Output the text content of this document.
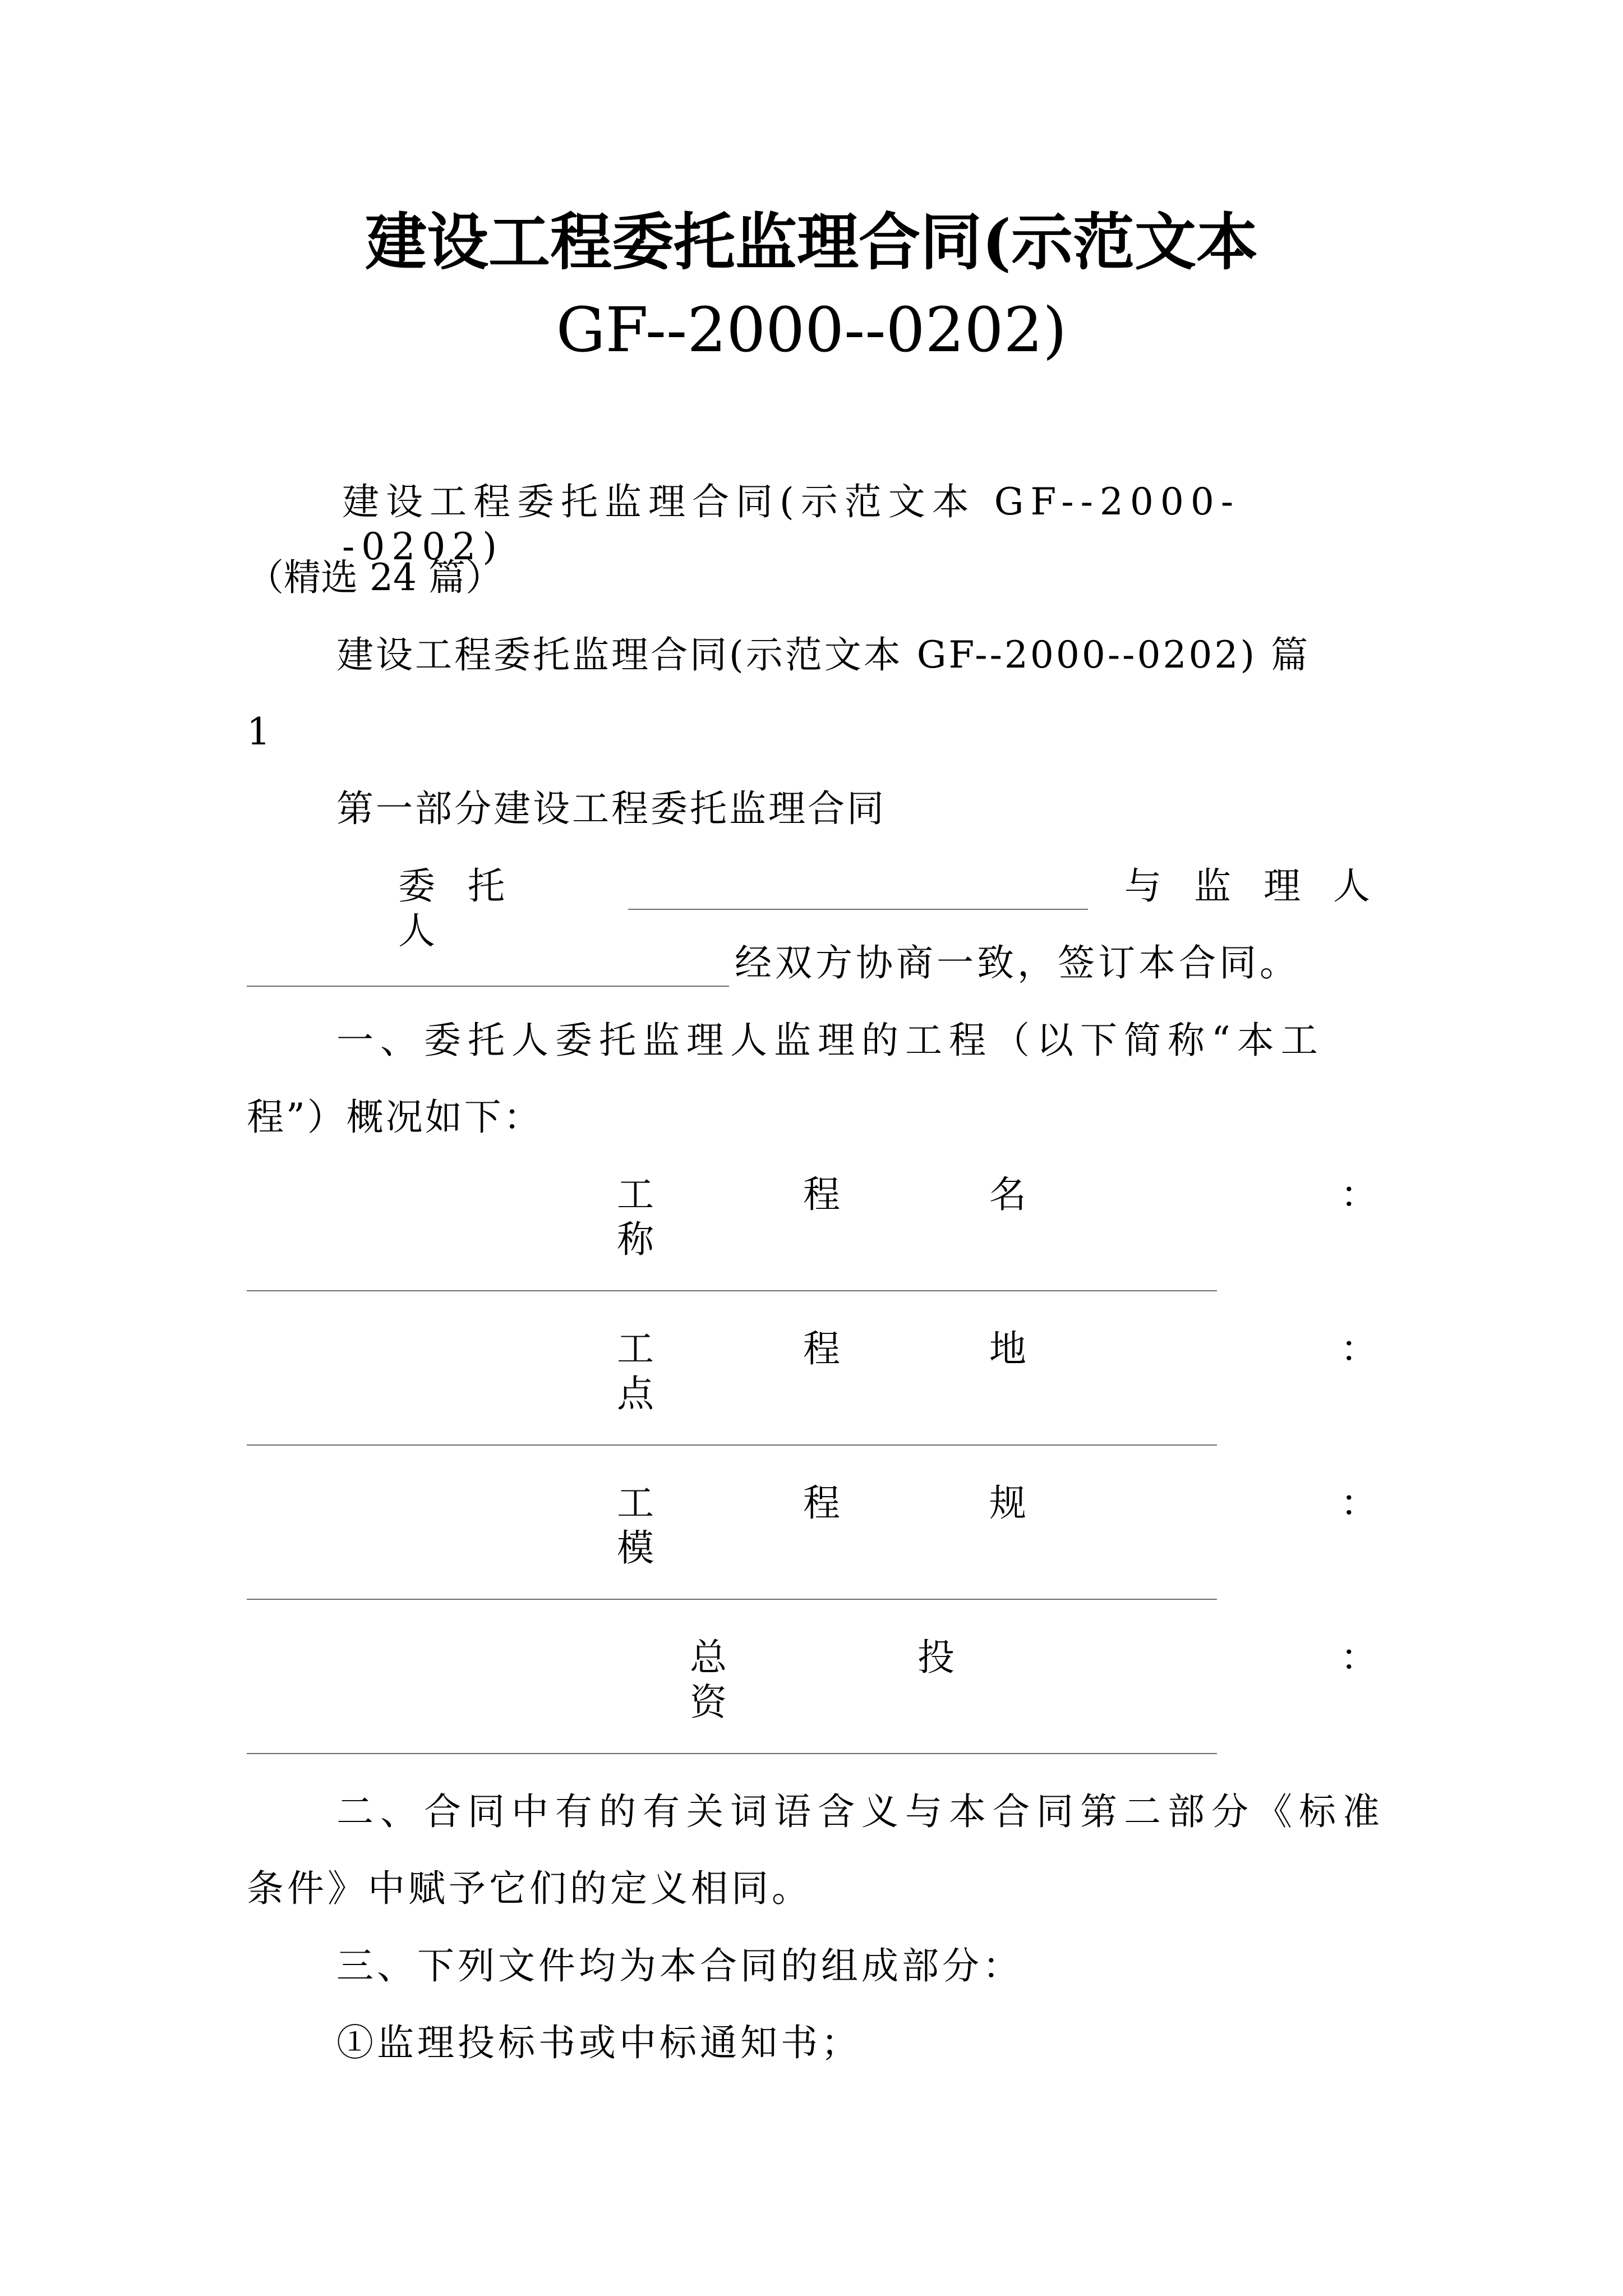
建设工程委托监理合同(示范文本
GF--2000--0202)
建设工程委托监理合同(示范文本 GF--2000--0202)
（精选 24 篇）
建设工程委托监理合同(示范文本 GF--2000--0202) 篇
1
第一部分建设工程委托监理合同
委托人
与监理人
经双方协商一致，签订本合同。
一、委托人委托监理人监理的工程（以下简称“本工
程”）概况如下：
工程名称
：
工程地点
：
工程规模
：
总投资
：
二、合同中有的有关词语含义与本合同第二部分《标准
条件》中赋予它们的定义相同。
三、下列文件均为本合同的组成部分：
①监理投标书或中标通知书；
